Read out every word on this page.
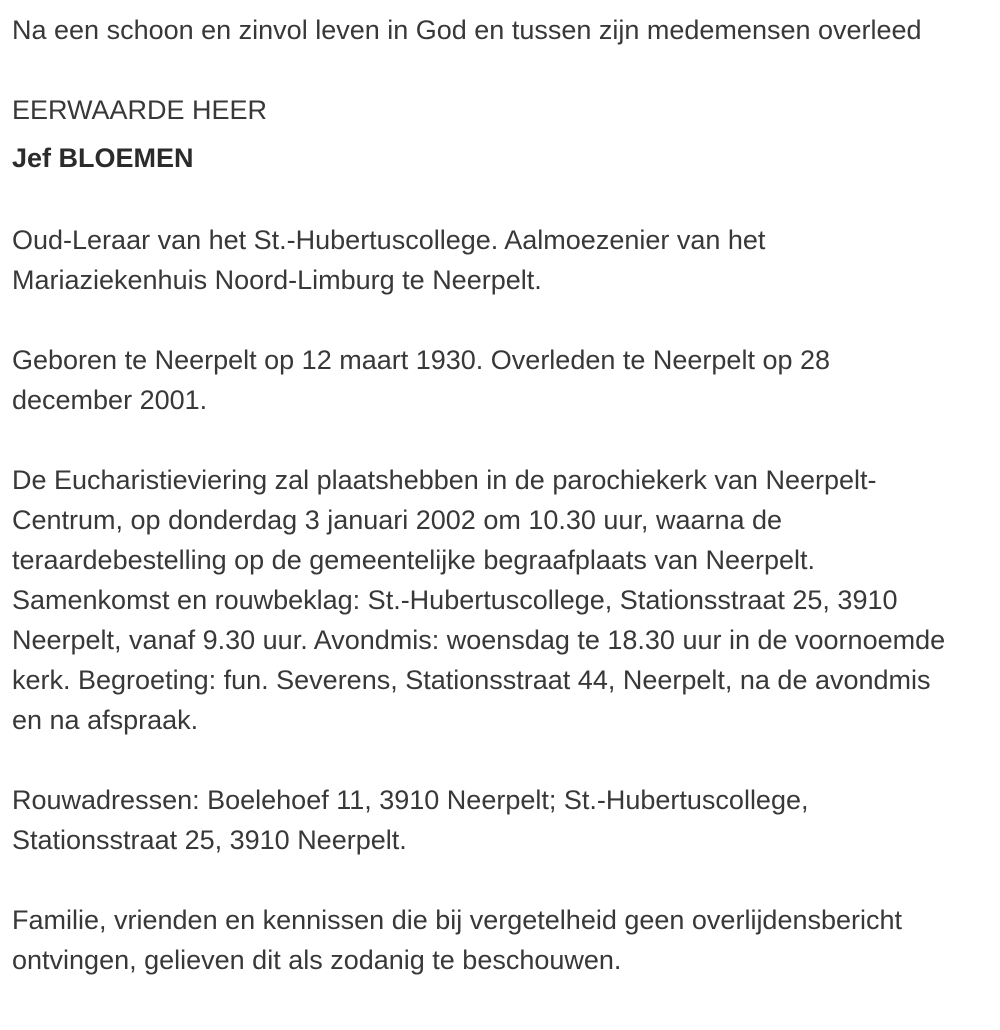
Na een schoon en zinvol leven in God en tussen zijn medemensen overleed

EERWAARDE HEER

Jef BLOEMEN

Oud-Leraar van het St.-Hubertuscollege. Aalmoezenier van het Mariaziekenhuis Noord-Limburg te Neerpelt.

Geboren te Neerpelt op 12 maart 1930. Overleden te Neerpelt op 28 december 2001.

De Eucharistieviering zal plaatshebben in de parochiekerk van Neerpelt-Centrum, op donderdag 3 januari 2002 om 10.30 uur, waarna de teraardebestelling op de gemeentelijke begraafplaats van Neerpelt. Samenkomst en rouwbeklag: St.-Hubertuscollege, Stationsstraat 25, 3910 Neerpelt, vanaf 9.30 uur. Avondmis: woensdag te 18.30 uur in de voornoemde kerk. Begroeting: fun. Severens, Stationsstraat 44, Neerpelt, na de avondmis en na afspraak.

Rouwadressen: Boelehoef 11, 3910 Neerpelt; St.-Hubertuscollege, Stationsstraat 25, 3910 Neerpelt.

Familie, vrienden en kennissen die bij vergetelheid geen overlijdensbericht ontvingen, gelieven dit als zodanig te beschouwen.
